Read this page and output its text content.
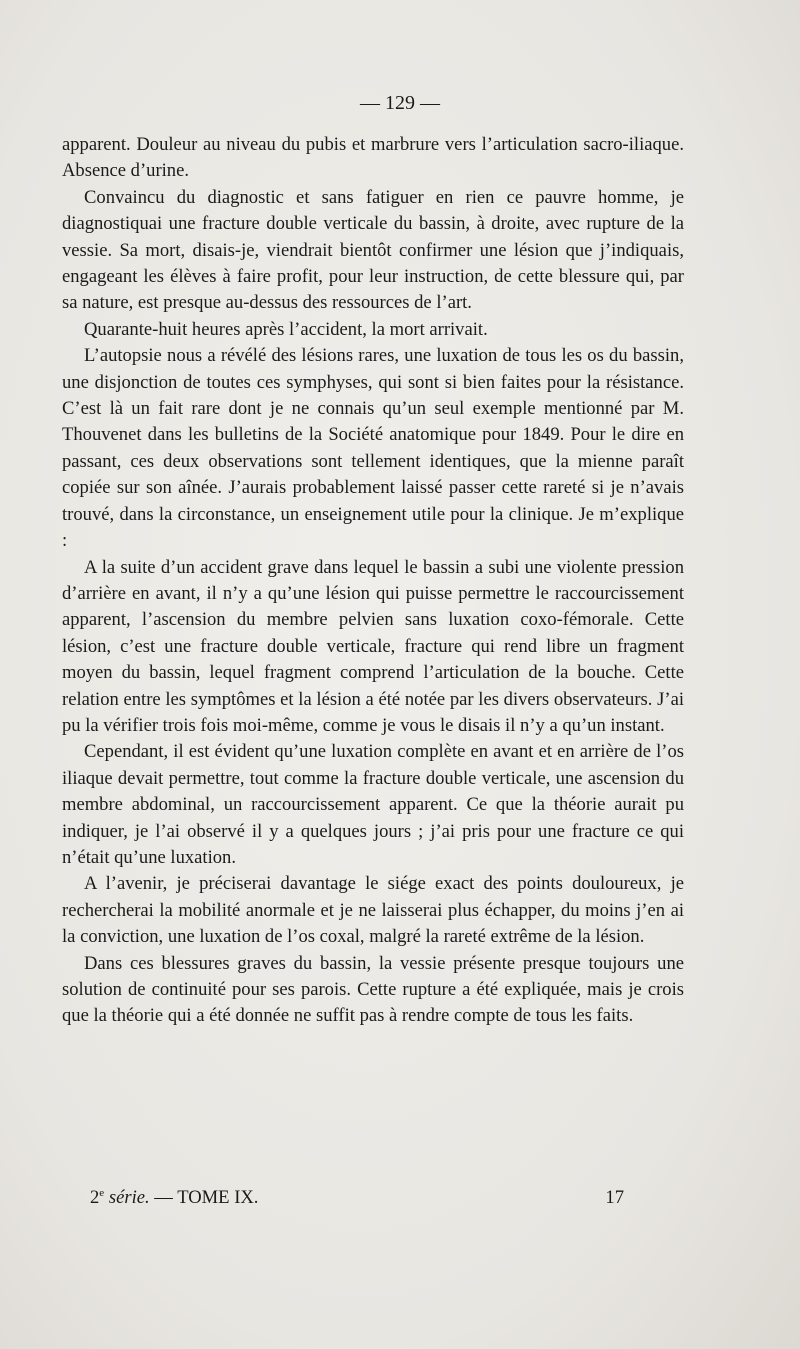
— 129 —

apparent. Douleur au niveau du pubis et marbrure vers l’articulation sacro-iliaque. Absence d’urine.

Convaincu du diagnostic et sans fatiguer en rien ce pauvre homme, je diagnostiquai une fracture double verticale du bassin, à droite, avec rupture de la vessie. Sa mort, disais-je, viendrait bientôt confirmer une lésion que j’indiquais, engageant les élèves à faire profit, pour leur instruction, de cette blessure qui, par sa nature, est presque au-dessus des ressources de l’art.

Quarante-huit heures après l’accident, la mort arrivait.

L’autopsie nous a révélé des lésions rares, une luxation de tous les os du bassin, une disjonction de toutes ces symphyses, qui sont si bien faites pour la résistance. C’est là un fait rare dont je ne connais qu’un seul exemple mentionné par M. Thouvenet dans les bulletins de la Société anatomique pour 1849. Pour le dire en passant, ces deux observations sont tellement identiques, que la mienne paraît copiée sur son aînée. J’aurais probablement laissé passer cette rareté si je n’avais trouvé, dans la circonstance, un enseignement utile pour la clinique. Je m’explique :

A la suite d’un accident grave dans lequel le bassin a subi une violente pression d’arrière en avant, il n’y a qu’une lésion qui puisse permettre le raccourcissement apparent, l’ascension du membre pelvien sans luxation coxo-fémorale. Cette lésion, c’est une fracture double verticale, fracture qui rend libre un fragment moyen du bassin, lequel fragment comprend l’articulation de la bouche. Cette relation entre les symptômes et la lésion a été notée par les divers observateurs. J’ai pu la vérifier trois fois moi-même, comme je vous le disais il n’y a qu’un instant.

Cependant, il est évident qu’une luxation complète en avant et en arrière de l’os iliaque devait permettre, tout comme la fracture double verticale, une ascension du membre abdominal, un raccourcissement apparent. Ce que la théorie aurait pu indiquer, je l’ai observé il y a quelques jours ; j’ai pris pour une fracture ce qui n’était qu’une luxation.

A l’avenir, je préciserai davantage le siége exact des points douloureux, je rechercherai la mobilité anormale et je ne laisserai plus échapper, du moins j’en ai la conviction, une luxation de l’os coxal, malgré la rareté extrême de la lésion.

Dans ces blessures graves du bassin, la vessie présente presque toujours une solution de continuité pour ses parois. Cette rupture a été expliquée, mais je crois que la théorie qui a été donnée ne suffit pas à rendre compte de tous les faits.

2e série. — TOME IX.	17
